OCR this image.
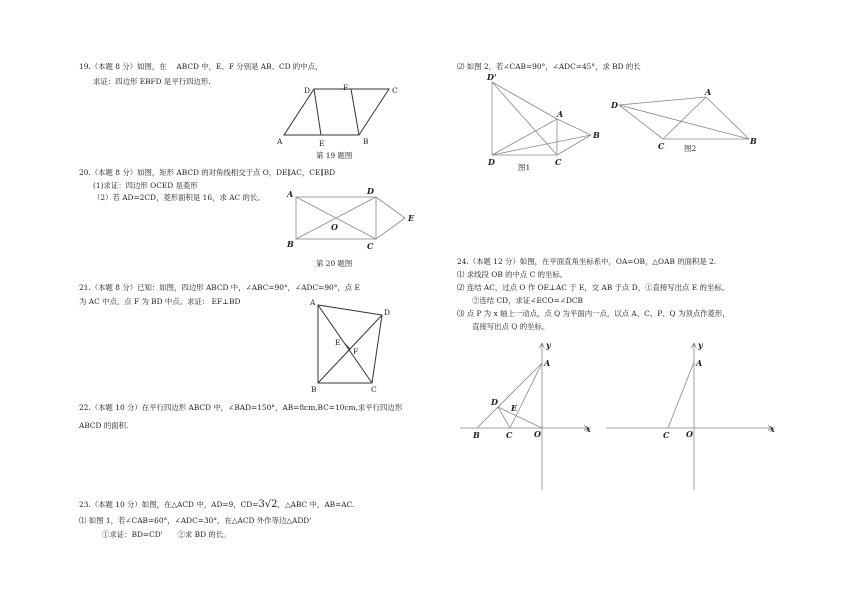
19.（本题 8 分）如图，在　 ABCD 中，E、F 分别是 AB、CD 的中点，
求证：四边形 EBFD 是平行四边形.
A	B
C
D
E
F
第 19 题图
20.（本题 8 分）如图，矩形 ABCD 的对角线相交于点 O，DE∥AC，CE∥BD
(1)求证：四边形 OCED 是菱形
（2）若 AD=2CD，菱形面积是 16，求 AC 的长。	A
B	C
D
E
O
第 20 题图
21.（本题 8 分）已知：如图，四边形 ABCD 中，∠ABC=90°，∠ADC=90°，点 E
为 AC 中点，点 F 为 BD 中点。求证： EF⊥BD	A
B	C
D
E
F
22.（本题 10 分）在平行四边形 ABCD 中，∠BAD=150°，AB=8cm,BC=10cm,求平行四边形
ABCD 的面积.
23.（本题 10 分）如图，在△ACD 中，AD=9，CD=3√2，△ABC 中，AB=AC.
⑴ 如图 1，若∠CAB=60°，∠ADC=30°，在△ACD 外作等边△ADD'
①求证：BD=CD'　　②求 BD 的长。
⑵ 如图 2，若∠CAB=90°，∠ADC=45°，求 BD 的长
D'
A
B
C
D
图1
D
A
B
C	图2
24.（本题 12 分）如图，在平面直角坐标系中，OA=OB，△OAB 的面积是 2.
⑴ 求线段 OB 的中点 C 的坐标。
⑵ 连结 AC，过点 O 作 OE⊥AC 于 E，交 AB 于点 D，①直接写出点 E 的坐标。
②连结 CD，求证∠ECO=∠DCB
⑶ 点 P 为 x 轴上一动点，点 Q 为平面内一点，以点 A、C、P、Q 为顶点作菱形，
直接写出点 Q 的坐标。
y
x
A
B	C
D
E
O
y
x
A
C O
